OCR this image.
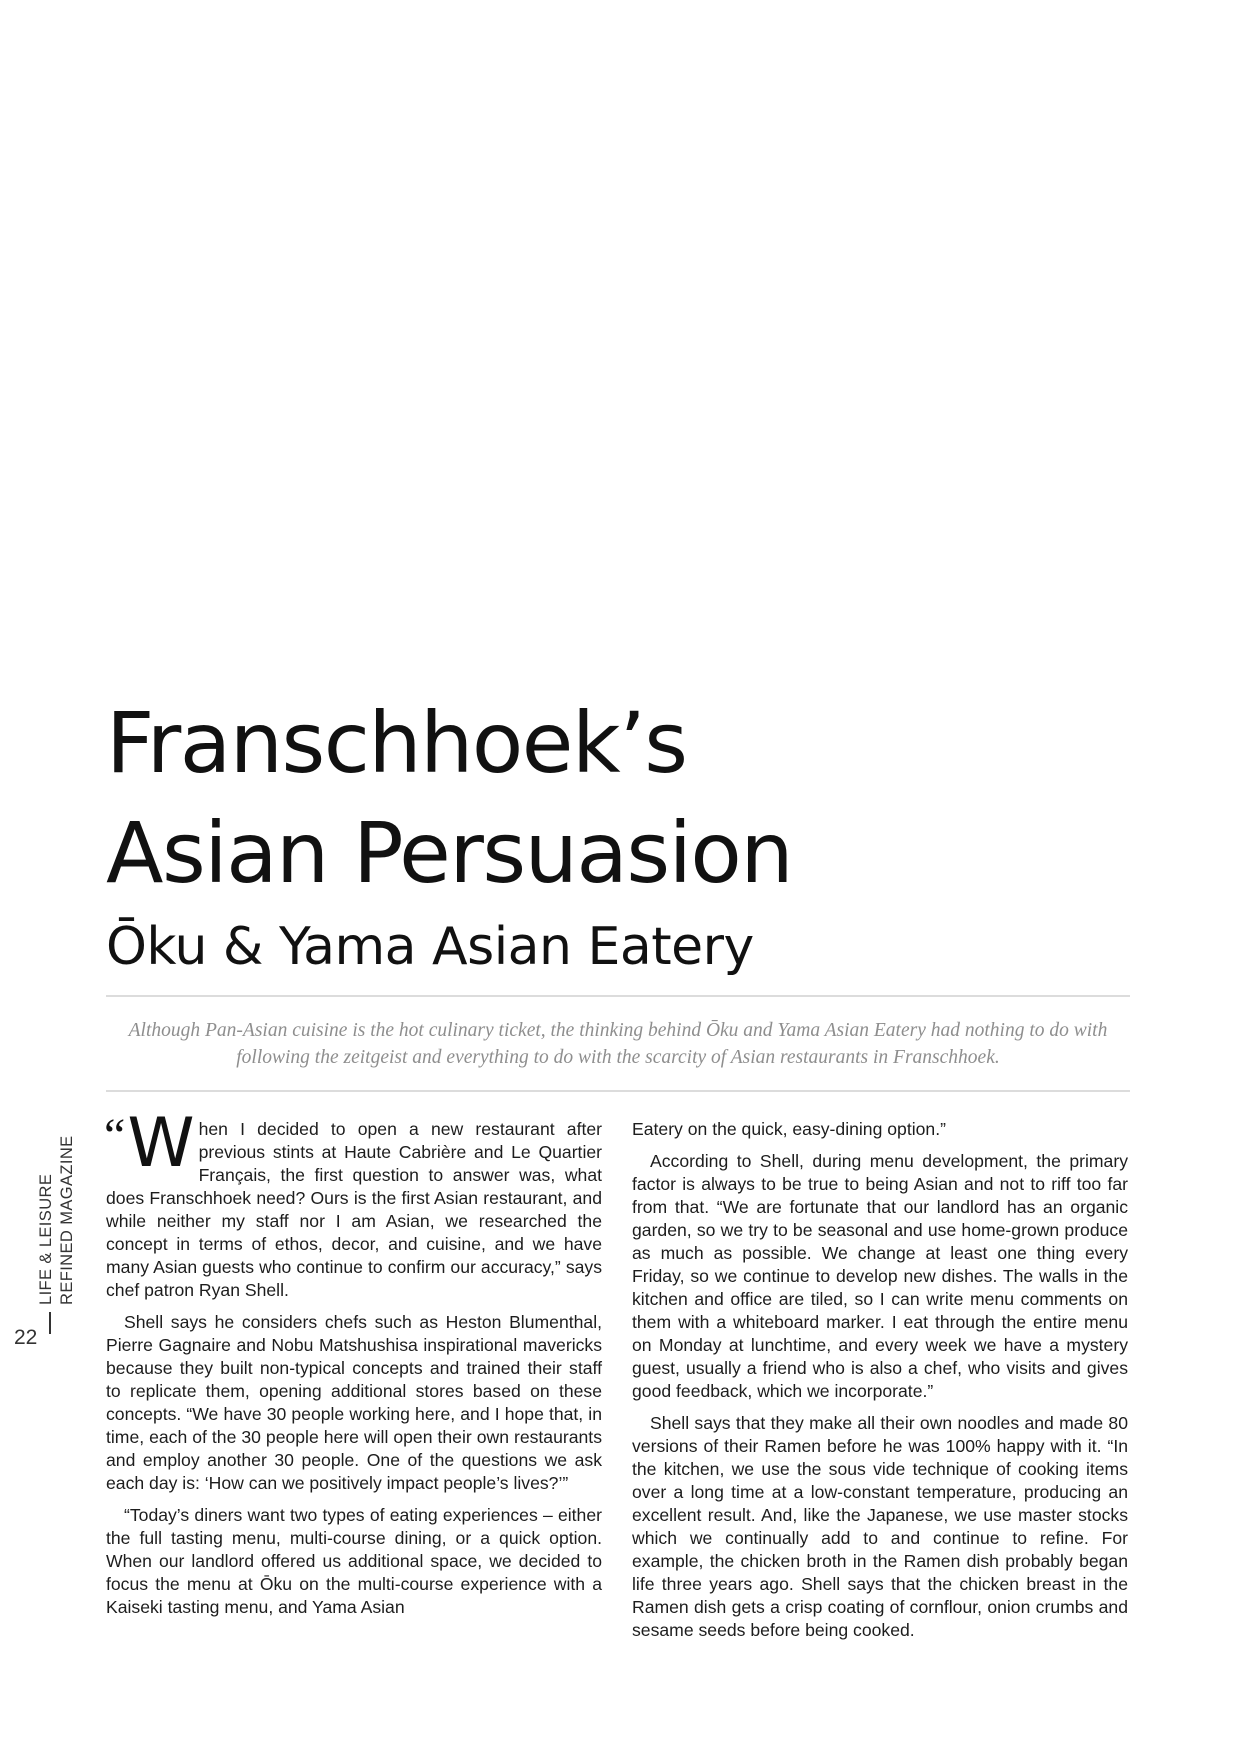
Franschhoek’s
Asian Persuasion
Ōku & Yama Asian Eatery

Although Pan-Asian cuisine is the hot culinary ticket, the thinking behind Ōku and Yama Asian Eatery had nothing to do with following the zeitgeist and everything to do with the scarcity of Asian restaurants in Franschhoek.

LIFE & LEISURE REFINED MAGAZINE
22

“ W hen I decided to open a new restaurant after previous stints at Haute Cabrière and Le Quartier Français, the first question to answer was, what does Franschhoek need? Ours is the first Asian restaurant, and while neither my staff nor I am Asian, we researched the concept in terms of ethos, decor, and cuisine, and we have many Asian guests who continue to confirm our accuracy,” says chef patron Ryan Shell.

Shell says he considers chefs such as Heston Blumenthal, Pierre Gagnaire and Nobu Matshushisa inspirational mavericks because they built non-typical concepts and trained their staff to replicate them, opening additional stores based on these concepts. “We have 30 people working here, and I hope that, in time, each of the 30 people here will open their own restaurants and employ another 30 people. One of the questions we ask each day is: ‘How can we positively impact people’s lives?’”

“Today’s diners want two types of eating experiences – either the full tasting menu, multi-course dining, or a quick option. When our landlord offered us additional space, we decided to focus the menu at Ōku on the multi-course experience with a Kaiseki tasting menu, and Yama Asian

Eatery on the quick, easy-dining option.”

According to Shell, during menu development, the primary factor is always to be true to being Asian and not to riff too far from that. “We are fortunate that our landlord has an organic garden, so we try to be seasonal and use home-grown produce as much as possible. We change at least one thing every Friday, so we continue to develop new dishes. The walls in the kitchen and office are tiled, so I can write menu comments on them with a whiteboard marker. I eat through the entire menu on Monday at lunchtime, and every week we have a mystery guest, usually a friend who is also a chef, who visits and gives good feedback, which we incorporate.”

Shell says that they make all their own noodles and made 80 versions of their Ramen before he was 100% happy with it. “In the kitchen, we use the sous vide technique of cooking items over a long time at a low-constant temperature, producing an excellent result. And, like the Japanese, we use master stocks which we continually add to and continue to refine. For example, the chicken broth in the Ramen dish probably began life three years ago. Shell says that the chicken breast in the Ramen dish gets a crisp coating of cornflour, onion crumbs and sesame seeds before being cooked.
